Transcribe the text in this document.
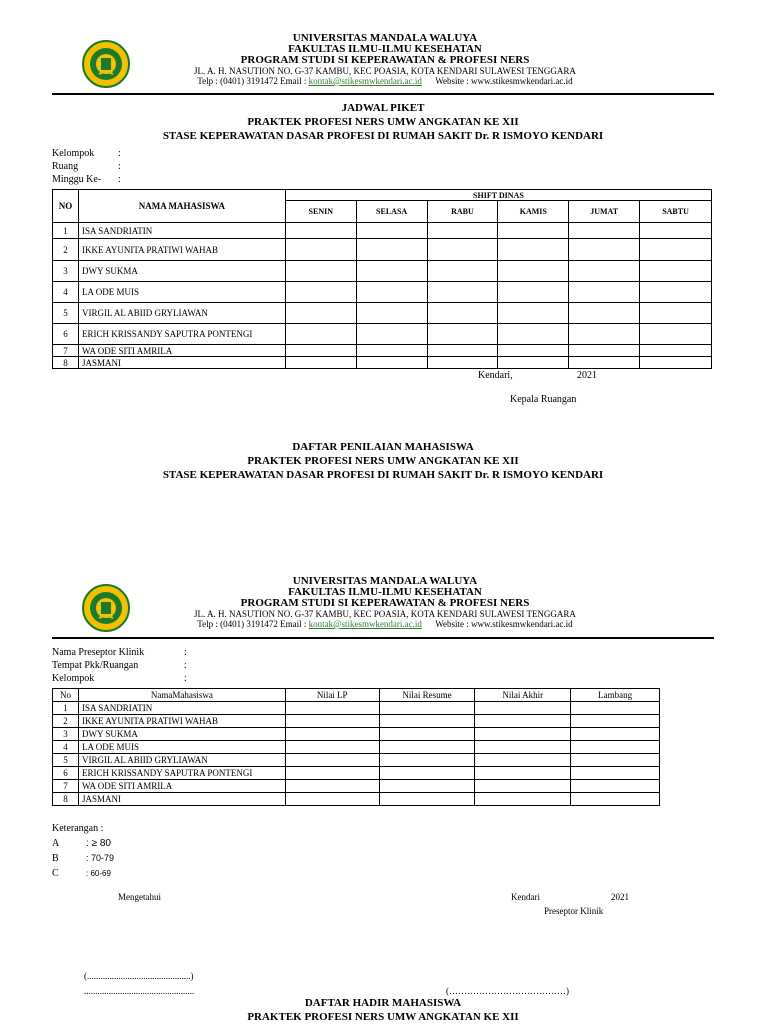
UNIVERSITAS MANDALA WALUYA
FAKULTAS ILMU-ILMU KESEHATAN
PROGRAM STUDI SI KEPERAWATAN & PROFESI NERS
JL. A. H. NASUTION NO. G-37 KAMBU, KEC POASIA, KOTA KENDARI SULAWESI TENGGARA
Telp : (0401) 3191472 Email : kontak@stikesmwkendari.ac.id Website : www.stikesmwkendari.ac.id
JADWAL PIKET
PRAKTEK PROFESI NERS UMW ANGKATAN KE XII
STASE KEPERAWATAN DASAR PROFESI DI RUMAH SAKIT Dr. R ISMOYO KENDARI
Kelompok :
Ruang	:
Minggu Ke- :
NO	NAMA MAHASISWA	SHIFT DINAS					
		SENIN	SELASA	RABU	KAMIS	JUMAT	SABTU
1	ISA SANDRIATIN						
2	IKKE AYUNITA PRATIWI WAHAB						
3	DWY SUKMA						
4	LA ODE MUIS						
5	VIRGIL AL ABIID GRYLIAWAN						
6	ERICH KRISSANDY SAPUTRA PONTENGI						
7	WA ODE SITI AMRILA						
8	JASMANI						
Kendari,	2021
Kepala Ruangan
DAFTAR PENILAIAN MAHASISWA
PRAKTEK PROFESI NERS UMW ANGKATAN KE XII
STASE KEPERAWATAN DASAR PROFESI DI RUMAH SAKIT Dr. R ISMOYO KENDARI
UNIVERSITAS MANDALA WALUYA
FAKULTAS ILMU-ILMU KESEHATAN
PROGRAM STUDI SI KEPERAWATAN & PROFESI NERS
JL. A. H. NASUTION NO. G-37 KAMBU, KEC POASIA, KOTA KENDARI SULAWESI TENGGARA
Telp : (0401) 3191472 Email : kontak@stikesmwkendari.ac.id Website : www.stikesmwkendari.ac.id
Nama Preseptor Klinik	:
Tempat Pkk/Ruangan	:
Kelompok	:
No	NamaMahasiswa	Nilai LP	Nilai Resume	Nilai Akhir	Lambang
1	ISA SANDRIATIN				
2	IKKE AYUNITA PRATIWI WAHAB				
3	DWY SUKMA				
4	LA ODE MUIS				
5	VIRGIL AL ABIID GRYLIAWAN				
6	ERICH KRISSANDY SAPUTRA PONTENGI				
7	WA ODE SITI AMRILA				
8	JASMANI				
Keterangan :
A	: ≥ 80
B	: 70-79
C	: 60-69
Mengetahui	Kendari	2021
Preseptor Klinik
(..............................................)
.................................................	(…………………………………)
DAFTAR HADIR MAHASISWA
PRAKTEK PROFESI NERS UMW ANGKATAN KE XII
